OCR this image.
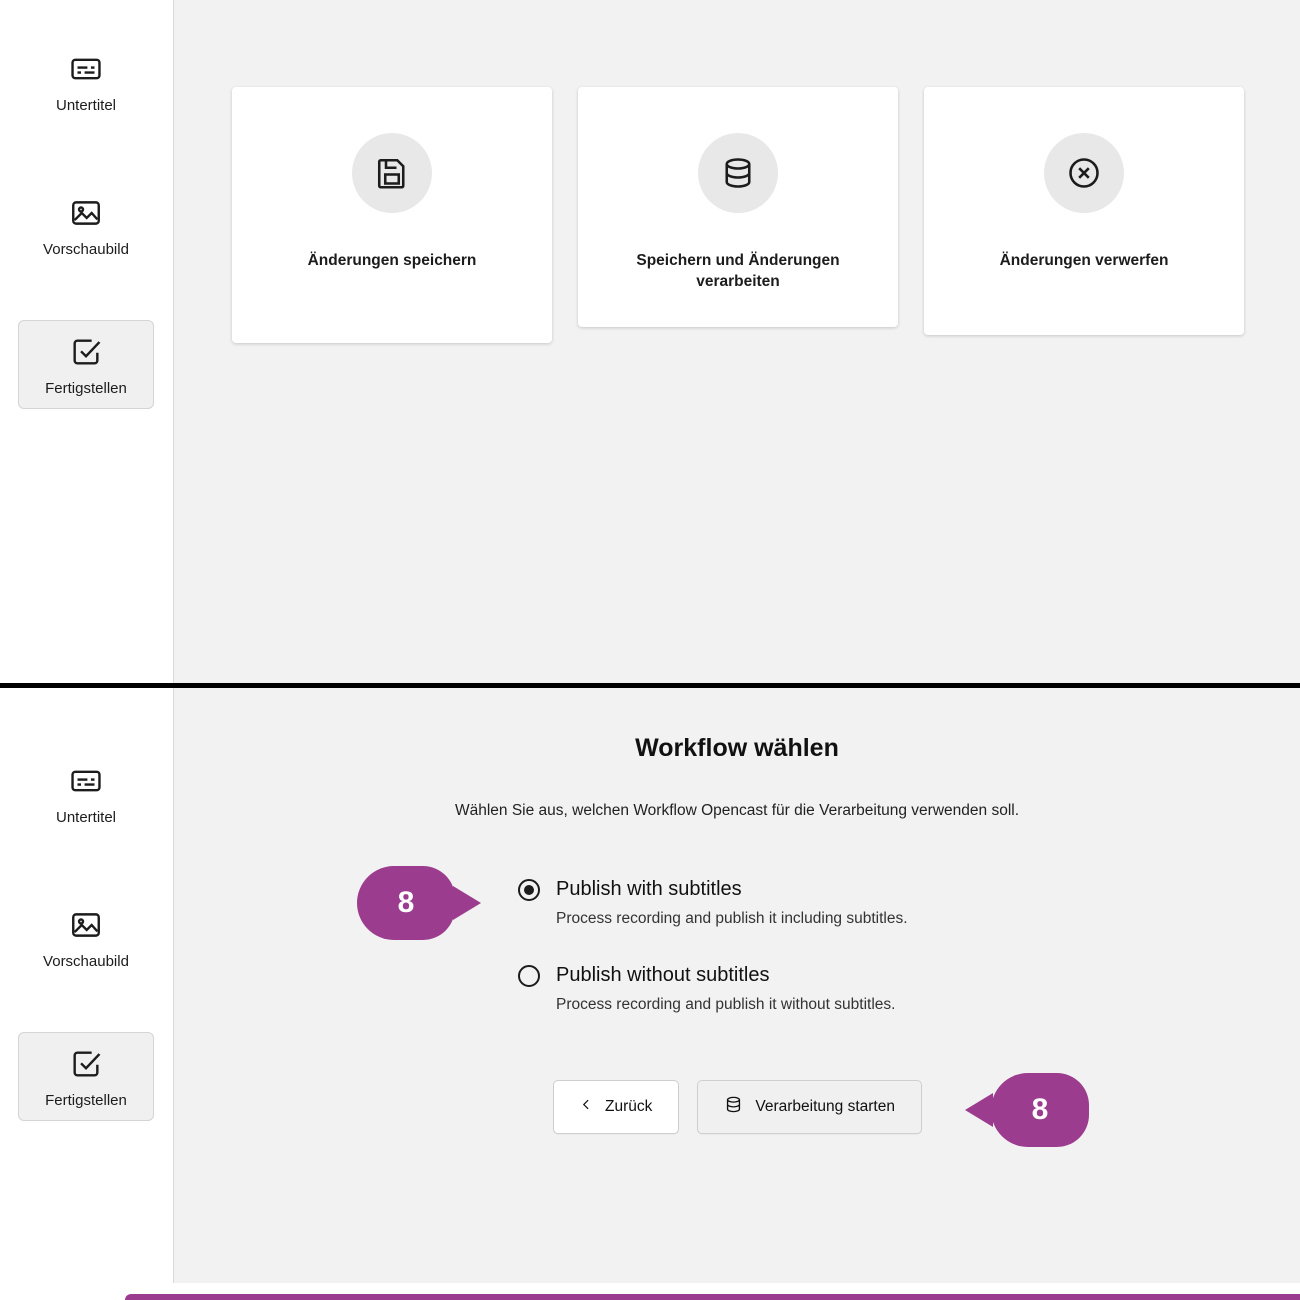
Untertitel
Vorschaubild
Fertigstellen
Änderungen speichern	Speichern und Änderungen verarbeiten
Änderungen verwerfen
Untertitel
Vorschaubild
Fertigstellen
Workflow wählen
Wählen Sie aus, welchen Workflow Opencast für die Verarbeitung verwenden soll.
Publish with subtitles
Process recording and publish it including subtitles.
Publish without subtitles
Process recording and publish it without subtitles.
Zurück	Verarbeitung starten
8
8
